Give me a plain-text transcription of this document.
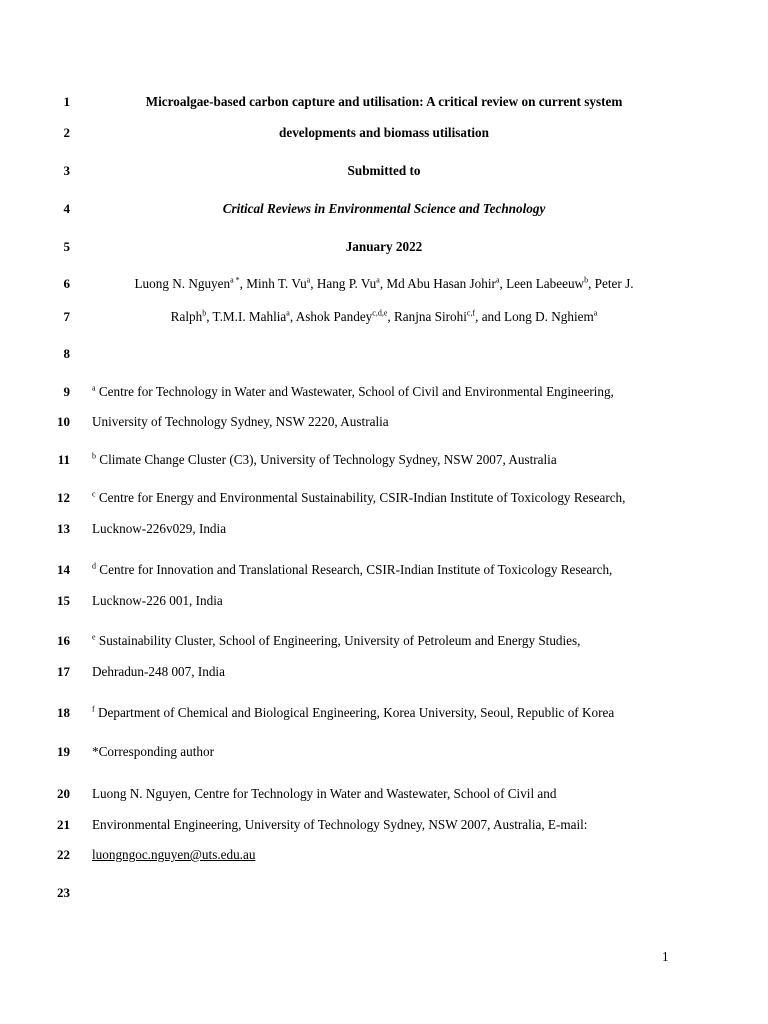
1	Microalgae-based carbon capture and utilisation: A critical review on current system
2	developments and biomass utilisation
3	Submitted to
4	Critical Reviews in Environmental Science and Technology
5	January 2022
6	Luong N. Nguyen$^{a *}$, Minh T. Vu$^a$, Hang P. Vu$^a$, Md Abu Hasan Johir$^a$, Leen Labeeuw$^b$, Peter J.
7	Ralph$^b$, T.M.I. Mahlia$^a$, Ashok Pandey$^{c,d,e}$, Ranjna Sirohi$^{c,f}$, and Long D. Nghiem$^a$
8
9	$^a$ Centre for Technology in Water and Wastewater, School of Civil and Environmental Engineering,
10 University of Technology Sydney, NSW 2220, Australia
11	$^b$ Climate Change Cluster (C3), University of Technology Sydney, NSW 2007, Australia
12	$^c$ Centre for Energy and Environmental Sustainability, CSIR-Indian Institute of Toxicology Research,
13 Lucknow-226v029, India
14	$^d$ Centre for Innovation and Translational Research, CSIR-Indian Institute of Toxicology Research,
15 Lucknow-226 001, India
16	$^e$ Sustainability Cluster, School of Engineering, University of Petroleum and Energy Studies,
17 Dehradun-248 007, India
18	$^f$ Department of Chemical and Biological Engineering, Korea University, Seoul, Republic of Korea
19 *Corresponding author
20 Luong N. Nguyen, Centre for Technology in Water and Wastewater, School of Civil and
21 Environmental Engineering, University of Technology Sydney, NSW 2007, Australia, E-mail:
22 luongngoc.nguyen@uts.edu.au
23
1
